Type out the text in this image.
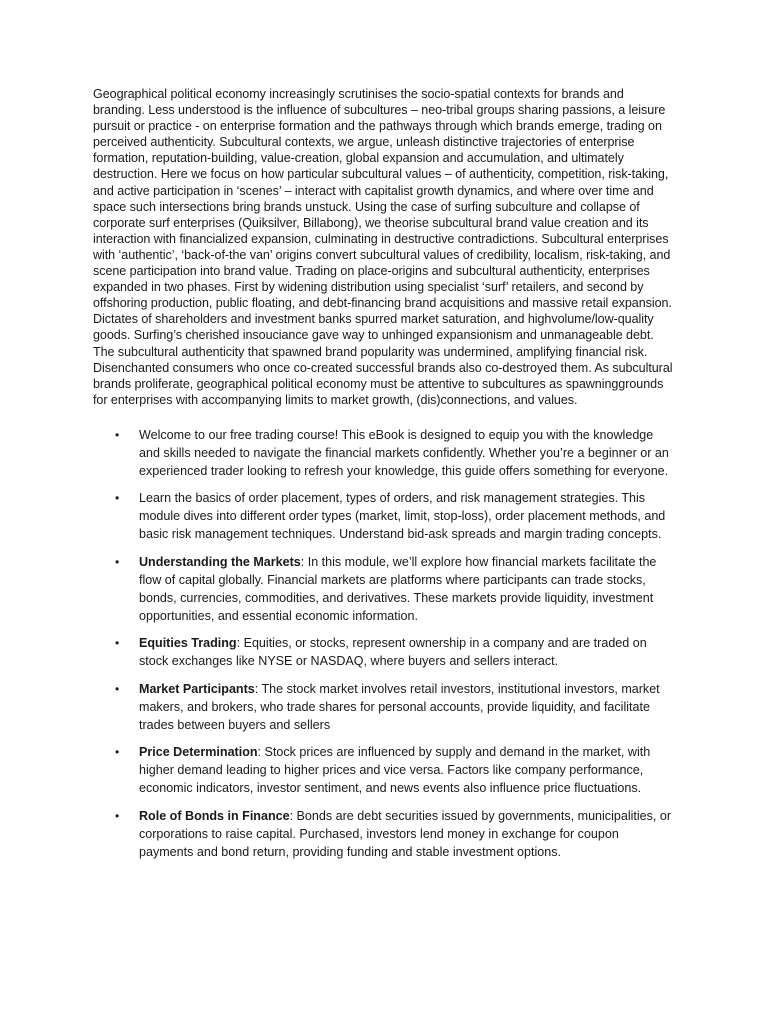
Geographical political economy increasingly scrutinises the socio-spatial contexts for brands and branding. Less understood is the influence of subcultures – neo-tribal groups sharing passions, a leisure pursuit or practice - on enterprise formation and the pathways through which brands emerge, trading on perceived authenticity. Subcultural contexts, we argue, unleash distinctive trajectories of enterprise formation, reputation-building, value-creation, global expansion and accumulation, and ultimately destruction. Here we focus on how particular subcultural values – of authenticity, competition, risk-taking, and active participation in ‘scenes’ – interact with capitalist growth dynamics, and where over time and space such intersections bring brands unstuck. Using the case of surfing subculture and collapse of corporate surf enterprises (Quiksilver, Billabong), we theorise subcultural brand value creation and its interaction with financialized expansion, culminating in destructive contradictions. Subcultural enterprises with ‘authentic’, ‘back-of-the van’ origins convert subcultural values of credibility, localism, risk-taking, and scene participation into brand value. Trading on place-origins and subcultural authenticity, enterprises expanded in two phases. First by widening distribution using specialist ‘surf’ retailers, and second by offshoring production, public floating, and debt-financing brand acquisitions and massive retail expansion. Dictates of shareholders and investment banks spurred market saturation, and highvolume/low-quality goods. Surfing’s cherished insouciance gave way to unhinged expansionism and unmanageable debt. The subcultural authenticity that spawned brand popularity was undermined, amplifying financial risk. Disenchanted consumers who once co-created successful brands also co-destroyed them. As subcultural brands proliferate, geographical political economy must be attentive to subcultures as spawninggrounds for enterprises with accompanying limits to market growth, (dis)connections, and values.

• Welcome to our free trading course! This eBook is designed to equip you with the knowledge and skills needed to navigate the financial markets confidently. Whether you’re a beginner or an experienced trader looking to refresh your knowledge, this guide offers something for everyone.
• Learn the basics of order placement, types of orders, and risk management strategies. This module dives into different order types (market, limit, stop-loss), order placement methods, and basic risk management techniques. Understand bid-ask spreads and margin trading concepts.
• Understanding the Markets: In this module, we’ll explore how financial markets facilitate the flow of capital globally. Financial markets are platforms where participants can trade stocks, bonds, currencies, commodities, and derivatives. These markets provide liquidity, investment opportunities, and essential economic information.
• Equities Trading: Equities, or stocks, represent ownership in a company and are traded on stock exchanges like NYSE or NASDAQ, where buyers and sellers interact.
• Market Participants: The stock market involves retail investors, institutional investors, market makers, and brokers, who trade shares for personal accounts, provide liquidity, and facilitate trades between buyers and sellers
• Price Determination: Stock prices are influenced by supply and demand in the market, with higher demand leading to higher prices and vice versa. Factors like company performance, economic indicators, investor sentiment, and news events also influence price fluctuations.
• Role of Bonds in Finance: Bonds are debt securities issued by governments, municipalities, or corporations to raise capital. Purchased, investors lend money in exchange for coupon payments and bond return, providing funding and stable investment options.
